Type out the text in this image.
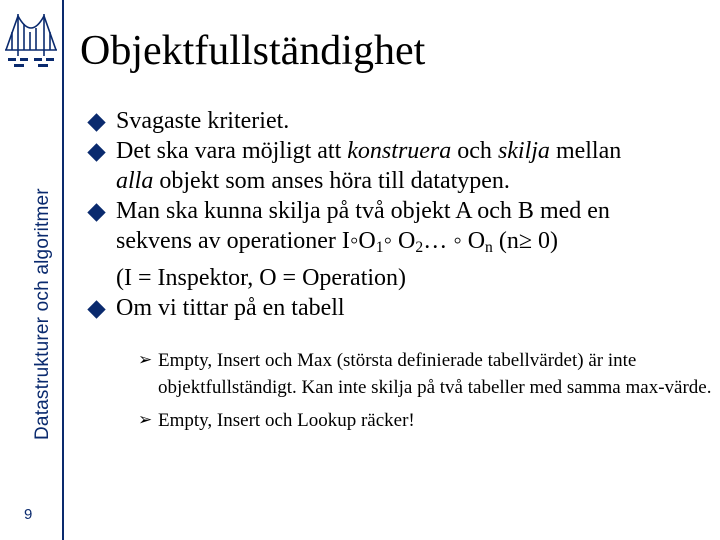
Datastrukturer och algoritmer
9
Objektfullständighet
Svagaste kriteriet.
Det ska vara möjligt att konstruera och skilja mellan
alla objekt som anses höra till datatypen.
Man ska kunna skilja på två objekt A och B med en
sekvens av operationer $I◦O_1◦$ $O_2\dots$ ◦ $O_n$ (n≥ 0)
(I = Inspektor, O = Operation)
Om vi tittar på en tabell
➢ Empty, Insert och Max (största definierade tabellvärdet) är inte objektfullständigt. Kan inte skilja på två tabeller med samma max-värde.
➢ Empty, Insert och Lookup räcker!
